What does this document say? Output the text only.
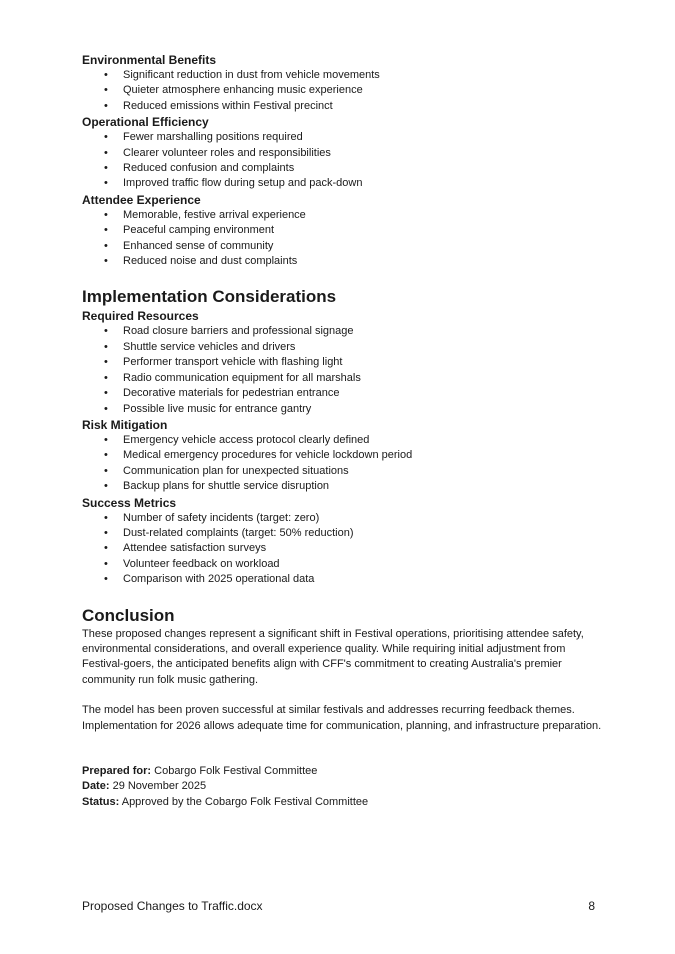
Environmental Benefits
• Significant reduction in dust from vehicle movements
• Quieter atmosphere enhancing music experience
• Reduced emissions within Festival precinct
Operational Efficiency
• Fewer marshalling positions required
• Clearer volunteer roles and responsibilities
• Reduced confusion and complaints
• Improved traffic flow during setup and pack-down
Attendee Experience
• Memorable, festive arrival experience
• Peaceful camping environment
• Enhanced sense of community
• Reduced noise and dust complaints
Implementation Considerations
Required Resources
• Road closure barriers and professional signage
• Shuttle service vehicles and drivers
• Performer transport vehicle with flashing light
• Radio communication equipment for all marshals
• Decorative materials for pedestrian entrance
• Possible live music for entrance gantry
Risk Mitigation
• Emergency vehicle access protocol clearly defined
• Medical emergency procedures for vehicle lockdown period
• Communication plan for unexpected situations
• Backup plans for shuttle service disruption
Success Metrics
• Number of safety incidents (target: zero)
• Dust-related complaints (target: 50% reduction)
• Attendee satisfaction surveys
• Volunteer feedback on workload
• Comparison with 2025 operational data
Conclusion

These proposed changes represent a significant shift in Festival operations, prioritising attendee safety, environmental considerations, and overall experience quality. While requiring initial adjustment from Festival-goers, the anticipated benefits align with CFF's commitment to creating Australia's premier community run folk music gathering.

The model has been proven successful at similar festivals and addresses recurring feedback themes. Implementation for 2026 allows adequate time for communication, planning, and infrastructure preparation.

Prepared for: Cobargo Folk Festival Committee
Date: 29 November 2025
Status: Approved by the Cobargo Folk Festival Committee
Proposed Changes to Traffic.docx	8
